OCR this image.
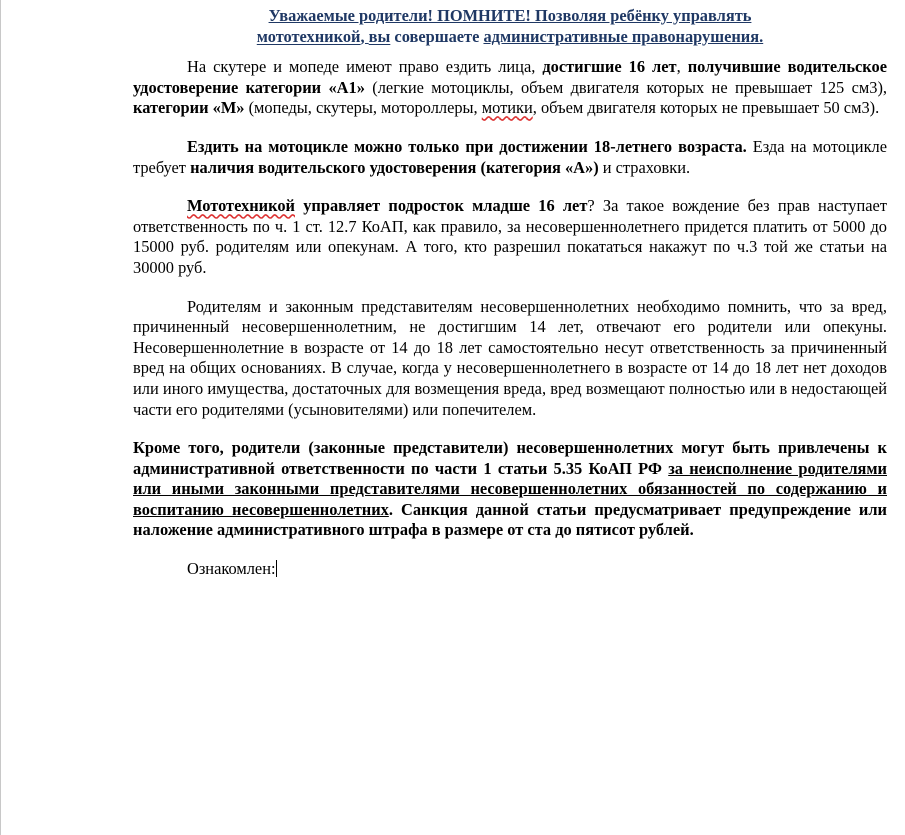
Уважаемые родители! ПОМНИТЕ! Позволяя ребёнку управлять
мототехникой, вы совершаете административные правонарушения.

На скутере и мопеде имеют право ездить лица, достигшие 16 лет, получившие водительское удостоверение категории «А1» (легкие мотоциклы, объем двигателя которых не превышает 125 см3), категории «М» (мопеды, скутеры, мотороллеры, мотики, объем двигателя которых не превышает 50 см3).

Ездить на мотоцикле можно только при достижении 18-летнего возраста. Езда на мотоцикле требует наличия водительского удостоверения (категория «А») и страховки.

Мототехникой управляет подросток младше 16 лет? За такое вождение без прав наступает ответственность по ч. 1 ст. 12.7 КоАП, как правило, за несовершеннолетнего придется платить от 5000 до 15000 руб. родителям или опекунам. А того, кто разрешил покататься накажут по ч.3 той же статьи на 30000 руб.

Родителям и законным представителям несовершеннолетних необходимо помнить, что за вред, причиненный несовершеннолетним, не достигшим 14 лет, отвечают его родители или опекуны. Несовершеннолетние в возрасте от 14 до 18 лет самостоятельно несут ответственность за причиненный вред на общих основаниях. В случае, когда у несовершеннолетнего в возрасте от 14 до 18 лет нет доходов или иного имущества, достаточных для возмещения вреда, вред возмещают полностью или в недостающей части его родителями (усыновителями) или попечителем.

Кроме того, родители (законные представители) несовершеннолетних могут быть привлечены к административной ответственности по части 1 статьи 5.35 КоАП РФ за неисполнение родителями или иными законными представителями несовершеннолетних обязанностей по содержанию и воспитанию несовершеннолетних. Санкция данной статьи предусматривает предупреждение или наложение административного штрафа в размере от ста до пятисот рублей.

Ознакомлен:
